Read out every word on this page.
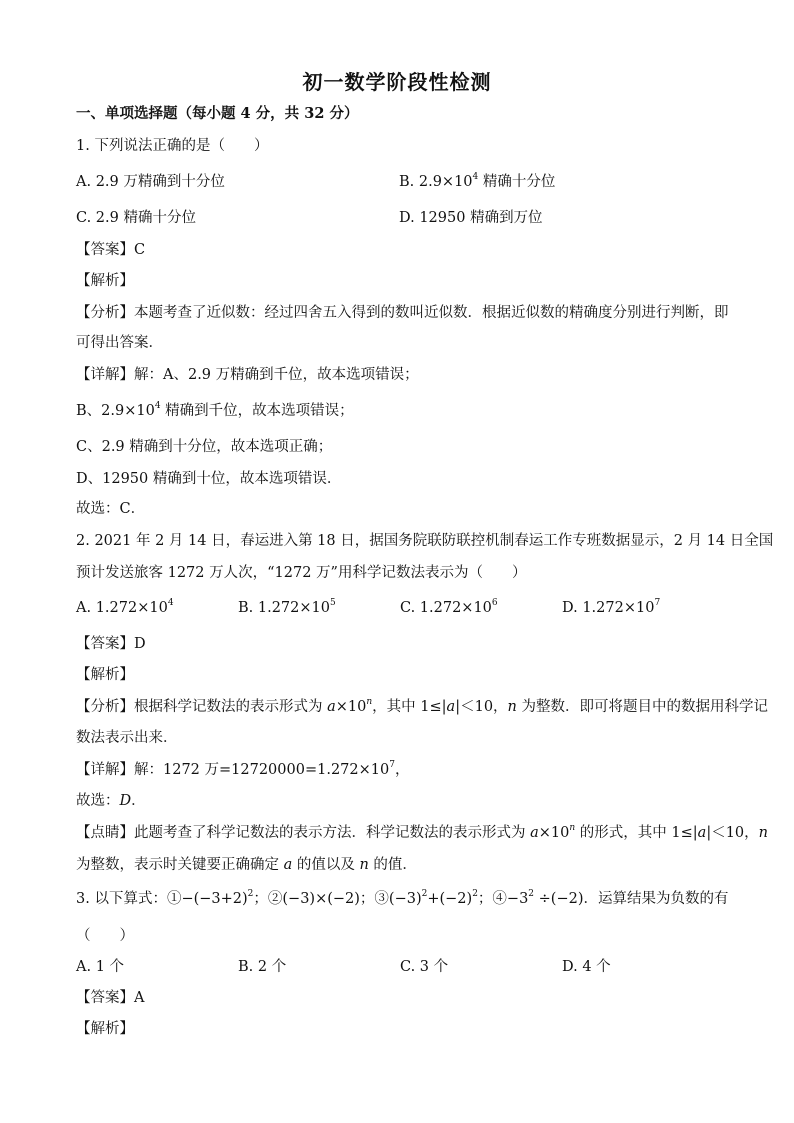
初一数学阶段性检测
一、单项选择题（每小题 4 分，共 32 分）
1. 下列说法正确的是（　　）
A. 2.9 万精确到十分位	B. $2.9\times 10^4$ 精确十分位
C. 2.9 精确十分位	D. 12950 精确到万位
【答案】C
【解析】
【分析】本题考查了近似数：经过四舍五入得到的数叫近似数．根据近似数的精确度分别进行判断，即
可得出答案．
【详解】解：A、2.9 万精确到千位，故本选项错误；
B、$2.9\times 10^4$ 精确到千位，故本选项错误；
C、2.9 精确到十分位，故本选项正确；
D、12950 精确到十位，故本选项错误．
故选：C．
2. 2021 年 2 月 14 日，春运进入第 18 日，据国务院联防联控机制春运工作专班数据显示，2 月 14 日全国
预计发送旅客 1272 万人次，“1272 万”用科学记数法表示为（　　）
A. $1.272\times 10^4$	B. $1.272\times 10^5$	C. $1.272\times 10^6$	D. $1.272\times 10^7$
【答案】D
【解析】
【分析】根据科学记数法的表示形式为 $a\times 10^n$，其中 1≤|a|＜10，n 为整数．即可将题目中的数据用科学记
数法表示出来．
【详解】解：1272 万$=12720000=1.272\times 10^7$，
故选：D．
【点睛】此题考查了科学记数法的表示方法．科学记数法的表示形式为 $a\times 10^n$ 的形式，其中 1≤|a|＜10，n
为整数，表示时关键要正确确定 a 的值以及 n 的值．
3. 以下算式：$①-(-3+2)^2$；②(−3)×(−2)；$③(-3)^2+(-2)^2$；$④-3^2 \div(-2)$．运算结果为负数的有
（　　）
A. 1 个	B. 2 个	C. 3 个	D. 4 个
【答案】A
【解析】
